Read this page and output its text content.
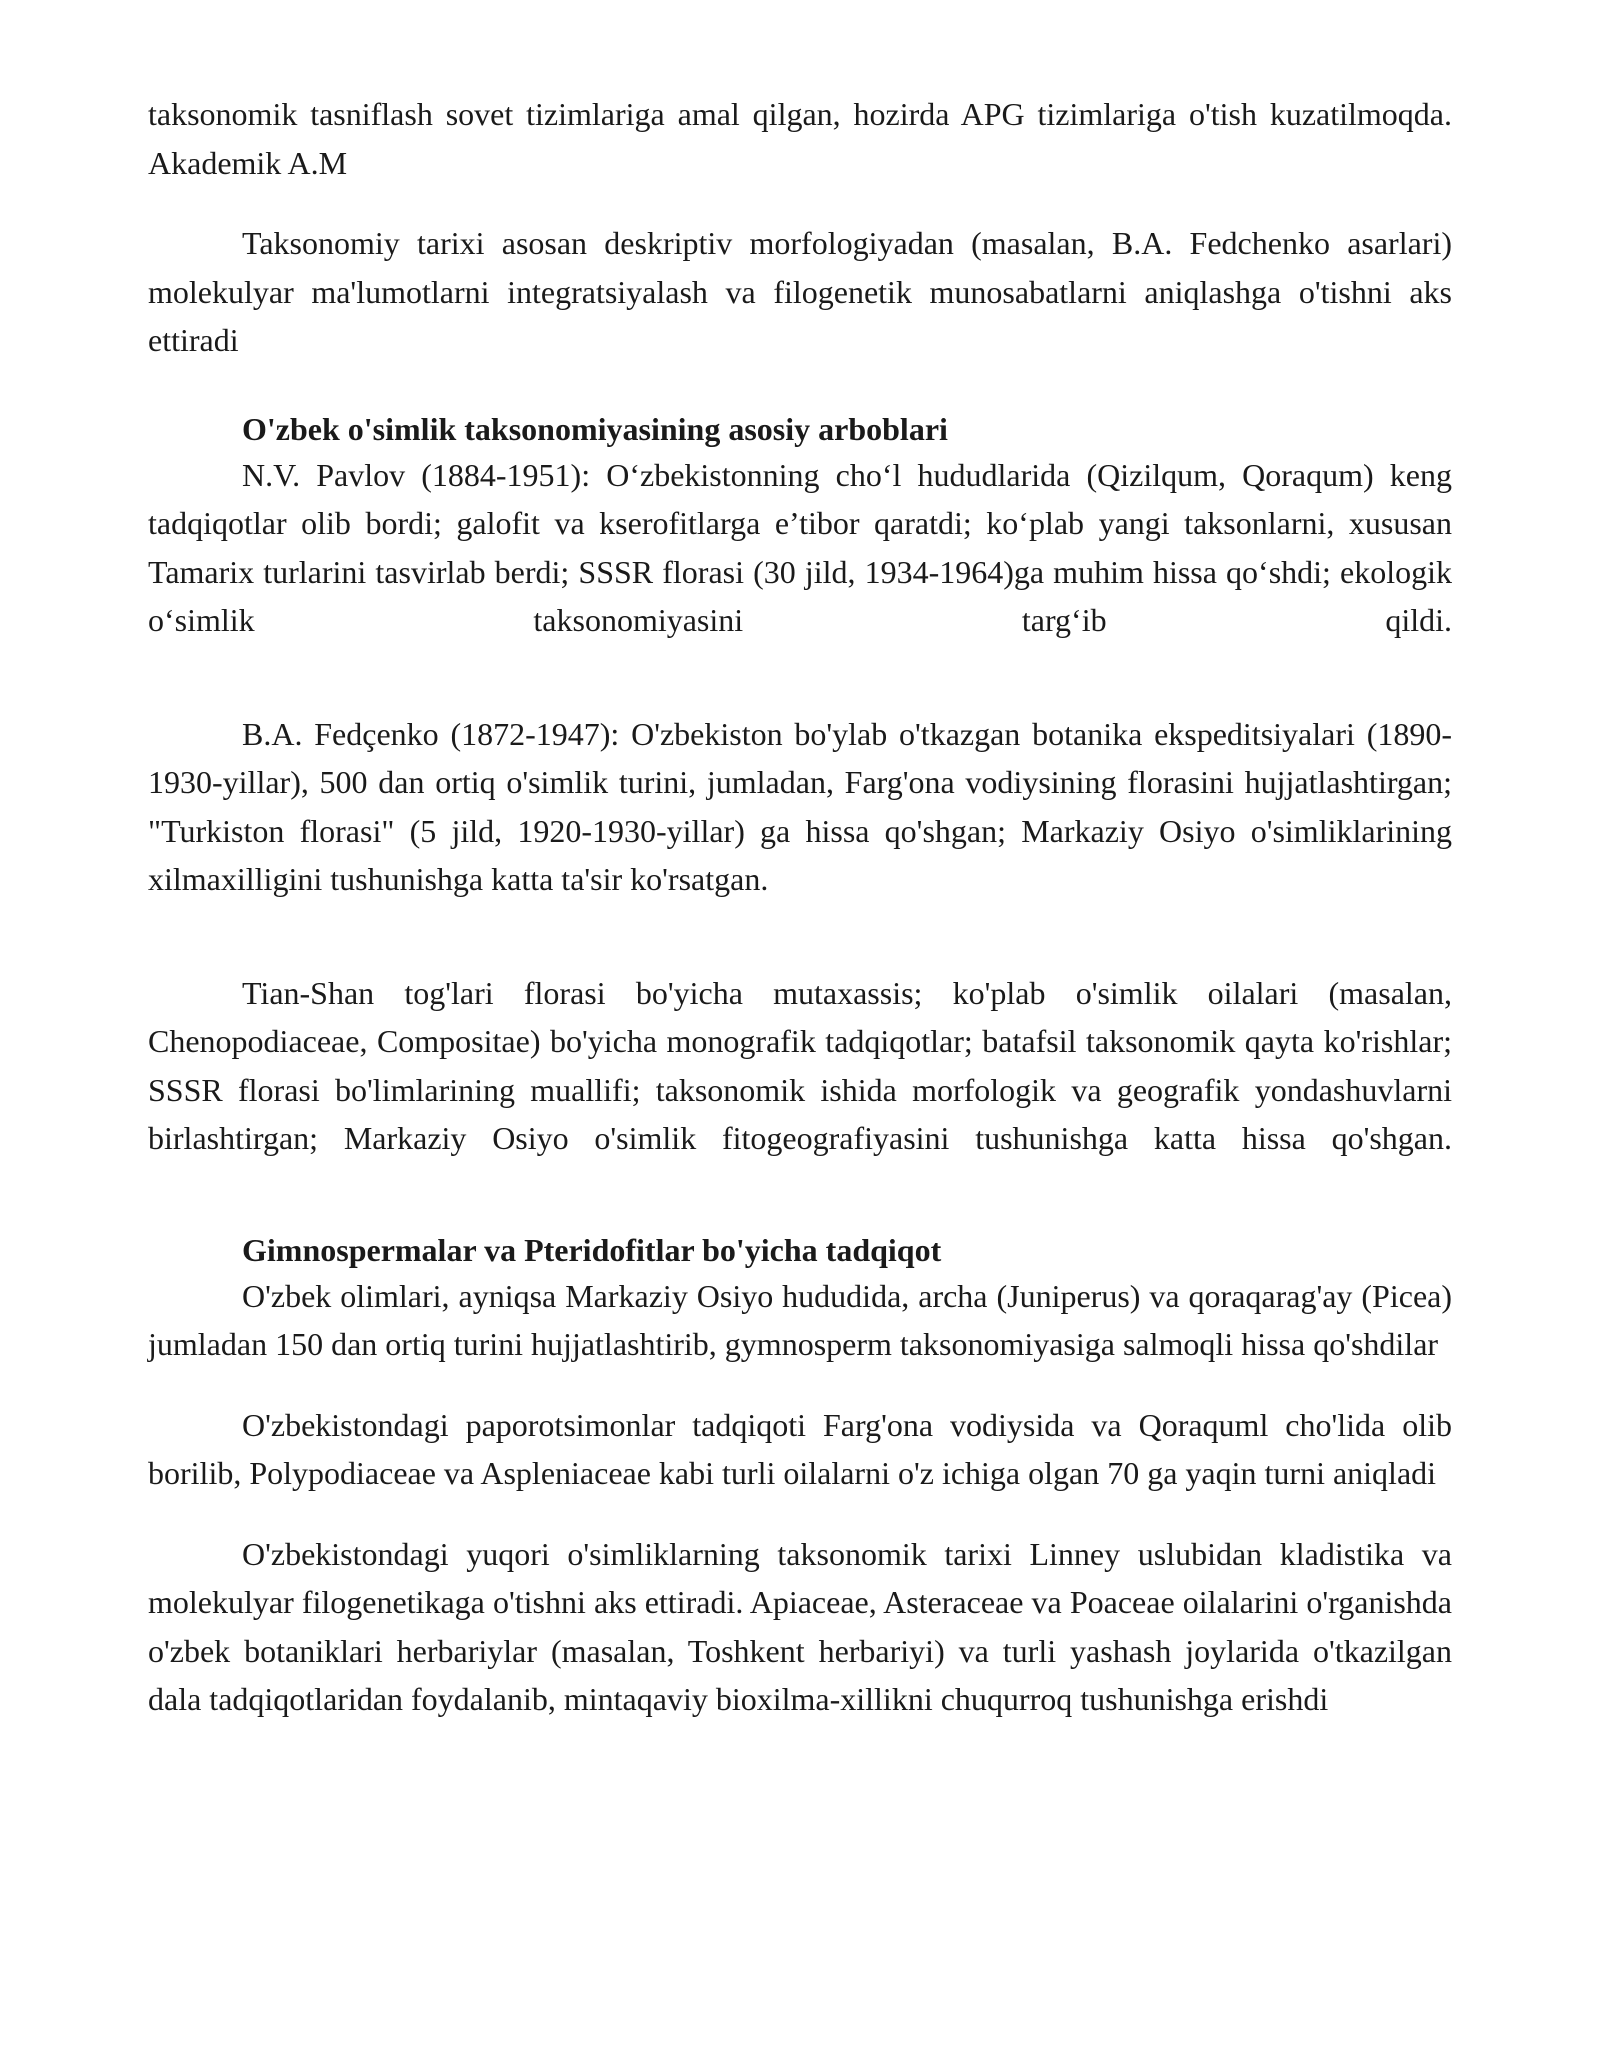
taksonomik tasniflash sovet tizimlariga amal qilgan, hozirda APG tizimlariga o'tish kuzatilmoqda. Akademik A.M

Taksonomiy tarixi asosan deskriptiv morfologiyadan (masalan, B.A. Fedchenko asarlari) molekulyar ma'lumotlarni integratsiyalash va filogenetik munosabatlarni aniqlashga o'tishni aks ettiradi

O'zbek o'simlik taksonomiyasining asosiy arboblari

N.V. Pavlov (1884-1951): O‘zbekistonning cho‘l hududlarida (Qizilqum, Qoraqum) keng tadqiqotlar olib bordi; galofit va kserofitlarga e’tibor qaratdi; ko‘plab yangi taksonlarni, xususan Tamarix turlarini tasvirlab berdi; SSSR florasi (30 jild, 1934-1964)ga muhim hissa qo‘shdi; ekologik o‘simlik taksonomiyasini targ‘ib qildi.

B.A. Fedçenko (1872-1947): O'zbekiston bo'ylab o'tkazgan botanika ekspeditsiyalari (1890-1930-yillar), 500 dan ortiq o'simlik turini, jumladan, Farg'ona vodiysining florasini hujjatlashtirgan; "Turkiston florasi" (5 jild, 1920-1930-yillar) ga hissa qo'shgan; Markaziy Osiyo o'simliklarining xilmaxilligini tushunishga katta ta'sir ko'rsatgan.

Tian-Shan tog'lari florasi bo'yicha mutaxassis; ko'plab o'simlik oilalari (masalan, Chenopodiaceae, Compositae) bo'yicha monografik tadqiqotlar; batafsil taksonomik qayta ko'rishlar; SSSR florasi bo'limlarining muallifi; taksonomik ishida morfologik va geografik yondashuvlarni birlashtirgan; Markaziy Osiyo o'simlik fitogeografiyasini tushunishga katta hissa qo'shgan.

Gimnospermalar va Pteridofitlar bo'yicha tadqiqot

O'zbek olimlari, ayniqsa Markaziy Osiyo hududida, archa (Juniperus) va qoraqarag'ay (Picea) jumladan 150 dan ortiq turini hujjatlashtirib, gymnosperm taksonomiyasiga salmoqli hissa qo'shdilar

O'zbekistondagi paporotsimonlar tadqiqoti Farg'ona vodiysida va Qoraquml cho'lida olib borilib, Polypodiaceae va Aspleniaceae kabi turli oilalarni o'z ichiga olgan 70 ga yaqin turni aniqladi

O'zbekistondagi yuqori o'simliklarning taksonomik tarixi Linney uslubidan kladistika va molekulyar filogenetikaga o'tishni aks ettiradi. Apiaceae, Asteraceae va Poaceae oilalarini o'rganishda o'zbek botaniklari herbariylar (masalan, Toshkent herbariyi) va turli yashash joylarida o'tkazilgan dala tadqiqotlaridan foydalanib, mintaqaviy bioxilma-xillikni chuqurroq tushunishga erishdi
